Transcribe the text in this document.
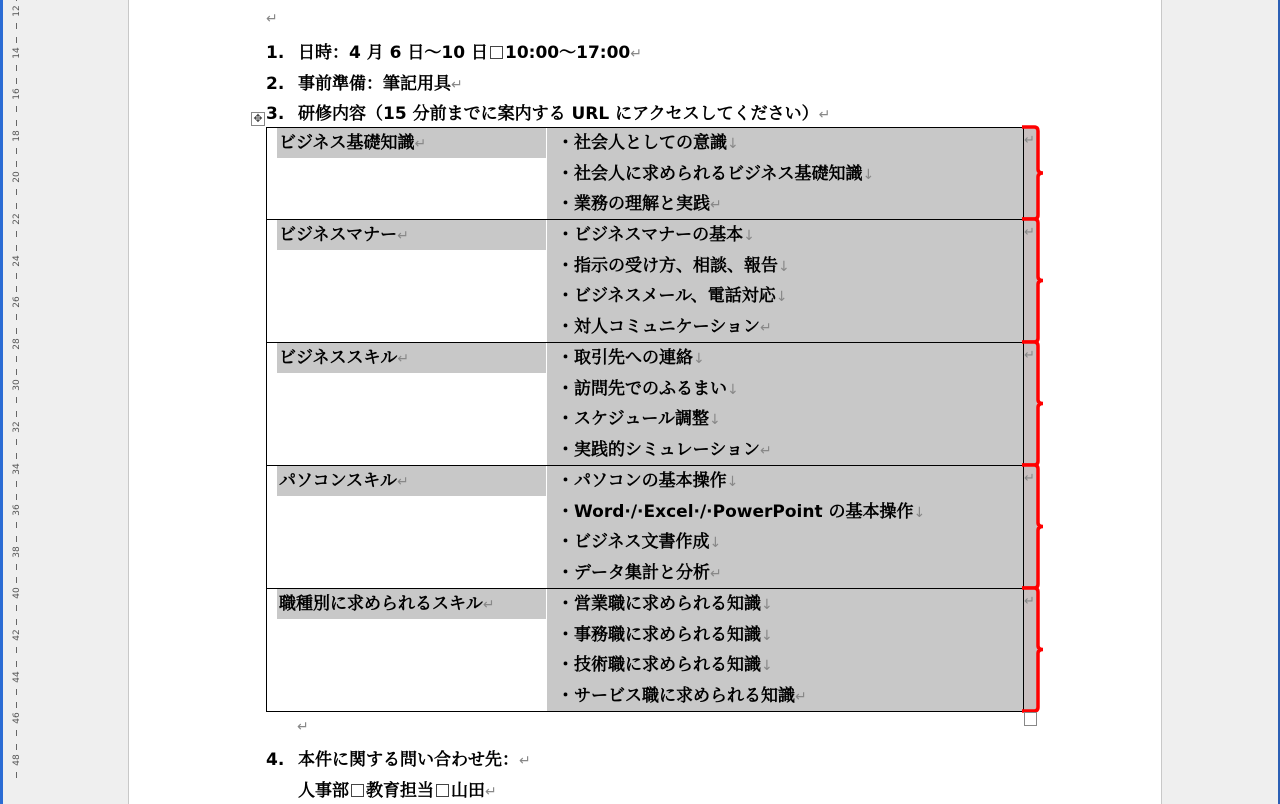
12
14
16
18
20
22
24
26
28
30
32
34
36
38
40
42
44
46
48
↵
1. 日時：4 月 6 日〜10 日 10:00〜17:00↵
2. 事前準備：筆記用具↵
3. 研修内容（15 分前までに案内する URL にアクセスしてください）↵
✥
ビジネス基礎知識↵	・社会人としての意識↓
・社会人に求められるビジネス基礎知識↓
・業務の理解と実践↵
↵
ビジネスマナー↵	・ビジネスマナーの基本↓
・指示の受け方、相談、報告↓
・ビジネスメール、電話対応↓
・対人コミュニケーション↵
↵
ビジネススキル↵	・取引先への連絡↓
・訪問先でのふるまい↓
・スケジュール調整↓
・実践的シミュレーション↵
↵
パソコンスキル↵	・パソコンの基本操作↓
・Word·/·Excel·/·PowerPoint の基本操作↓
・ビジネス文書作成↓
・データ集計と分析↵
↵
職種別に求められるスキル↵	・営業職に求められる知識↓
・事務職に求められる知識↓
・技術職に求められる知識↓
・サービス職に求められる知識↵
↵
↵
4. 本件に関する問い合わせ先：↵
人事部 教育担当 山田↵
